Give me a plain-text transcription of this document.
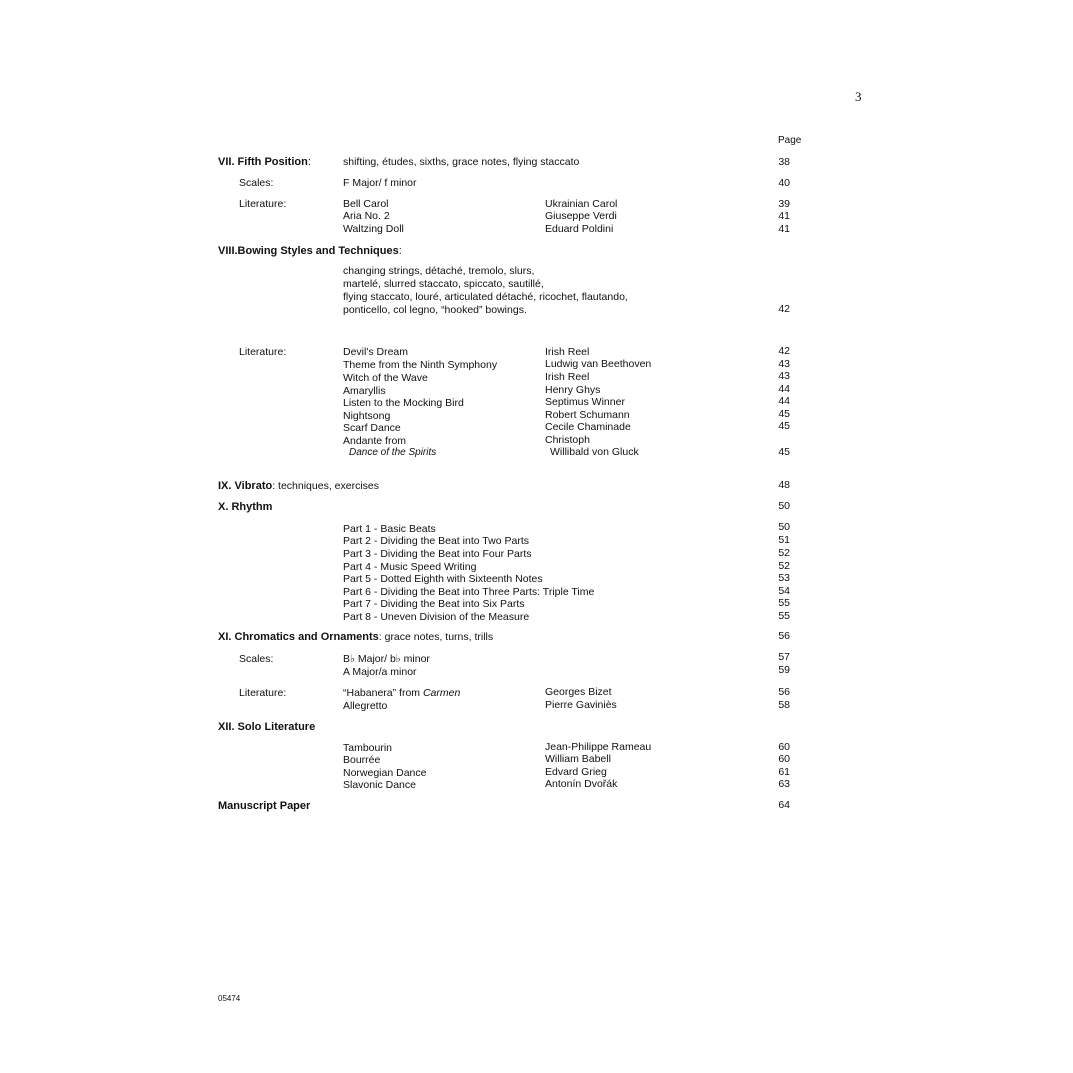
3
Page
VII. Fifth Position:	shifting, études, sixths, grace notes, flying staccato	38
Scales:	F Major/ f minor	40
Literature:	Bell Carol	Ukrainian Carol	39
Aria No. 2	Giuseppe Verdi	41
Waltzing Doll	Eduard Poldini	41
VIII.Bowing Styles and Techniques:
changing strings, détaché, tremolo, slurs,
martelé, slurred staccato, spiccato, sautillé,
flying staccato, louré, articulated détaché, ricochet, flautando,
ponticello, col legno, “hooked” bowings.	42
Literature:	Devil's Dream	Irish Reel	42
Theme from the Ninth Symphony	Ludwig van Beethoven	43
Witch of the Wave	Irish Reel	43
Amaryllis	Henry Ghys	44
Listen to the Mocking Bird	Septimus Winner	44
Nightsong	Robert Schumann	45
Scarf Dance	Cecile Chaminade	45
Andante from	Christoph
Dance of the Spirits	Willibald von Gluck	45
IX. Vibrato: techniques, exercises	48
X. Rhythm	50
Part 1 - Basic Beats	50
Part 2 - Dividing the Beat into Two Parts	51
Part 3 - Dividing the Beat into Four Parts	52
Part 4 - Music Speed Writing	52
Part 5 - Dotted Eighth with Sixteenth Notes	53
Part 6 - Dividing the Beat into Three Parts: Triple Time	54
Part 7 - Dividing the Beat into Six Parts	55
Part 8 - Uneven Division of the Measure	55
XI. Chromatics and Ornaments: grace notes, turns, trills	56
Scales:	B♭ Major/ b♭ minor	57
A Major/a minor	59
Literature:	“Habanera” from Carmen	Georges Bizet	56
Allegretto	Pierre Gaviniès	58
XII. Solo Literature
Tambourin	Jean-Philippe Rameau	60
Bourrée	William Babell	60
Norwegian Dance	Edvard Grieg	61
Slavonic Dance	Antonín Dvořák	63
Manuscript Paper	64
05474
